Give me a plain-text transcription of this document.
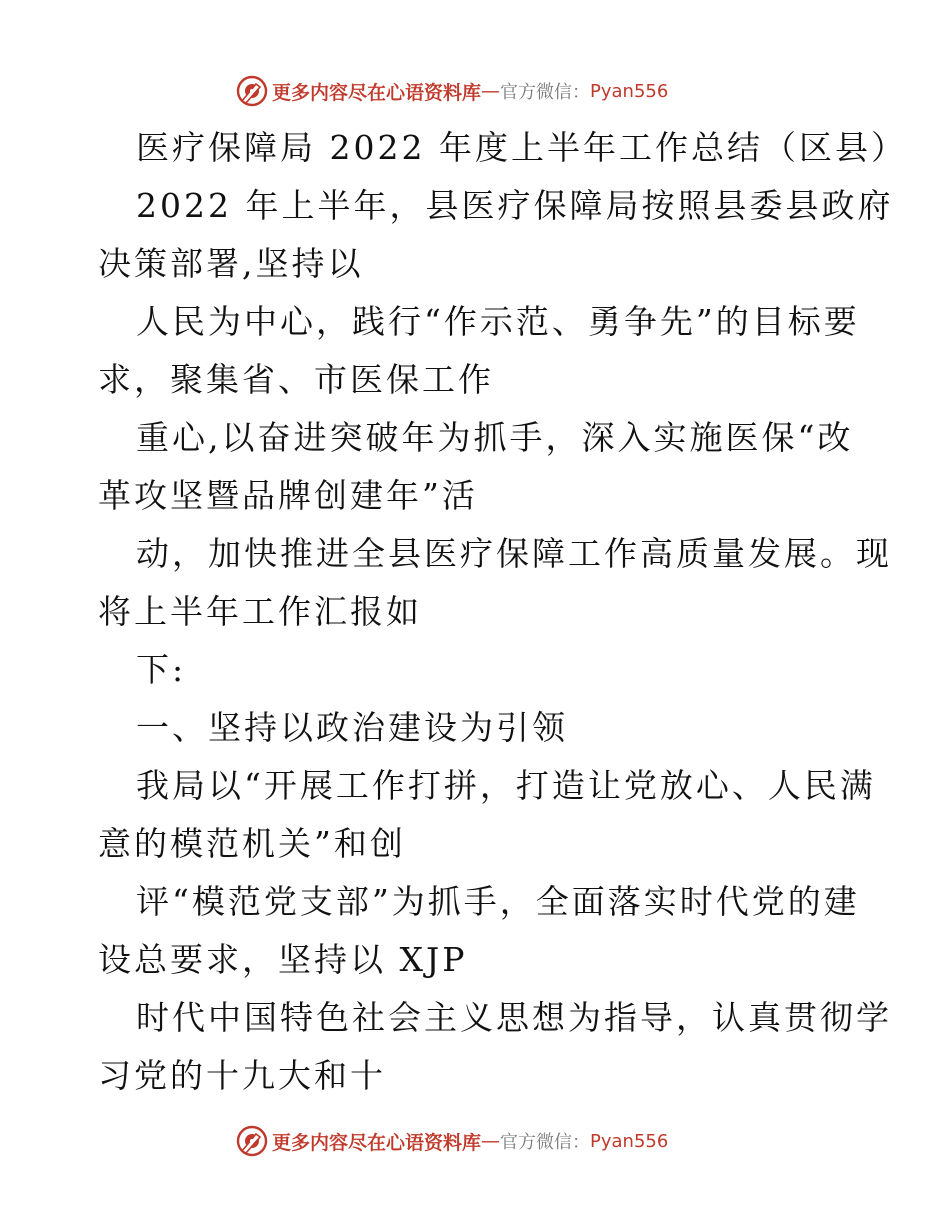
更多内容尽在心语资料库 — 官方微信： Pyan556
医疗保障局 2022 年度上半年工作总结（区县）
2022 年上半年，县医疗保障局按照县委县政府
决策部署,坚持以
人民为中心，践行“作示范、勇争先”的目标要
求，聚集省、市医保工作
重心,以奋进突破年为抓手，深入实施医保“改
革攻坚暨品牌创建年”活
动，加快推进全县医疗保障工作高质量发展。现
将上半年工作汇报如
下:
一、坚持以政治建设为引领
我局以“开展工作打拼，打造让党放心、人民满
意的模范机关”和创
评“模范党支部”为抓手，全面落实时代党的建
设总要求，坚持以 XJP
时代中国特色社会主义思想为指导，认真贯彻学
习党的十九大和十
更多内容尽在心语资料库 — 官方微信： Pyan556
